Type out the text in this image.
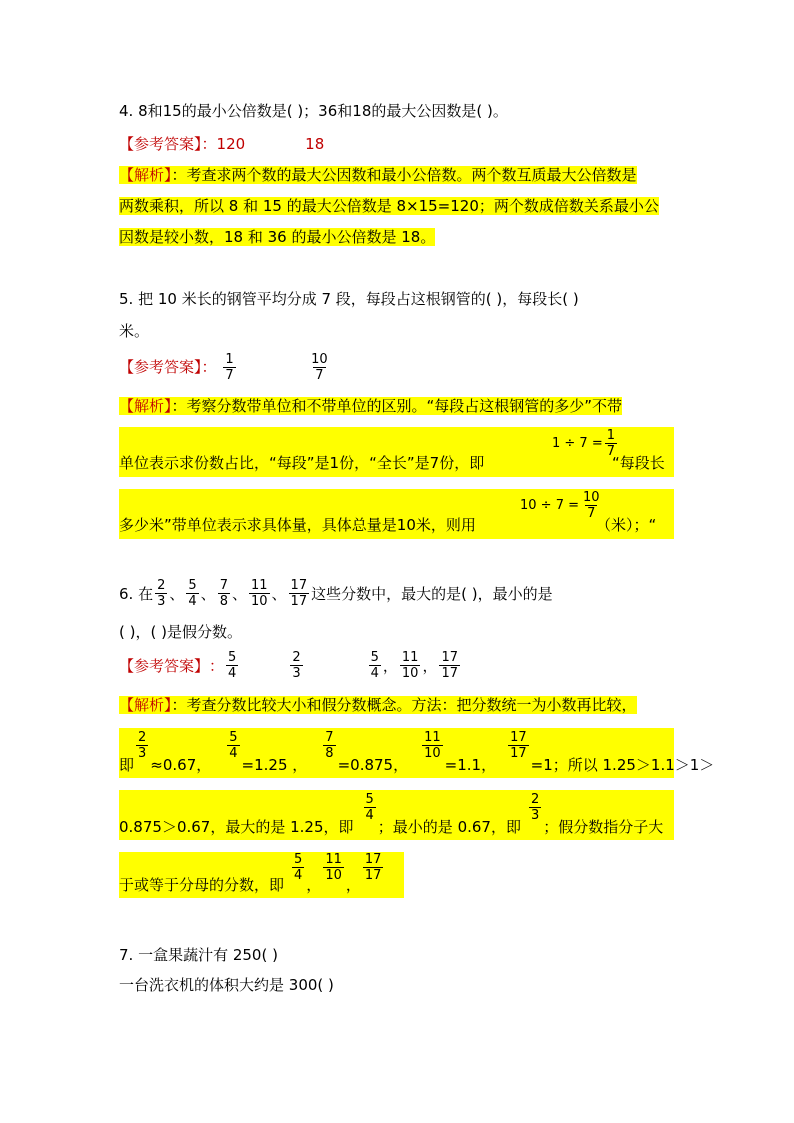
4. 8和15的最小公倍数是( )；36和18的最大公因数是( )。
【参考答案】：120	18
【解析】：考查求两个数的最大公因数和最小公倍数。两个数互质最大公倍数是
两数乘积，所以 8 和 15 的最大公倍数是 8×15=120；两个数成倍数关系最小公
因数是较小数，18 和 36 的最小公倍数是 18。
5. 把 10 米长的钢管平均分成 7 段，每段占这根钢管的( )，每段长( )
米。
【参考答案】： $\frac{1}{7}$
	$\frac{10}{7}$
【解析】：考察分数带单位和不带单位的区别。“每段占这根钢管的多少”不带
单位表示求份数占比，“每段”是1份，“全长”是7份，即
$1 \div 7 = \frac{1}{7}$
“每段长
多少米”带单位表示求具体量，具体总量是10米，则用
$10 \div 7 = \frac{10}{7}$
（米）；“
6. 在 $\frac{2}{3}$ 、 $\frac{5}{4}$ 、 $\frac{7}{8}$ 、 $\frac{11}{10}$ 、 $\frac{17}{17}$ 这些分数中，最大的是( )，最小的是
( )，( )是假分数。
【参考答案】 ： $\frac{5}{4}$	$\frac{2}{3}$	$\frac{5}{4}$ ， $\frac{11}{10}$ ， $\frac{17}{17}$
【解析】：考查分数比较大小和假分数概念。方法：把分数统一为小数再比较，
即
$\frac{2}{3}$
≈0.67，
$\frac{5}{4}$
=1.25 ，
$\frac{7}{8}$
=0.875，
$\frac{11}{10}$
=1.1，
$\frac{17}{17}$
=1；所以 1.25＞1.1＞1＞
0.875＞0.67，最大的是 1.25，即
$\frac{5}{4}$
；最小的是 0.67，即
$\frac{2}{3}$
；假分数指分子大
于或等于分母的分数，即
$\frac{5}{4}$
，
$\frac{11}{10}$
，
$\frac{17}{17}$
7. 一盒果蔬汁有 250( )
一台洗衣机的体积大约是 300( )
